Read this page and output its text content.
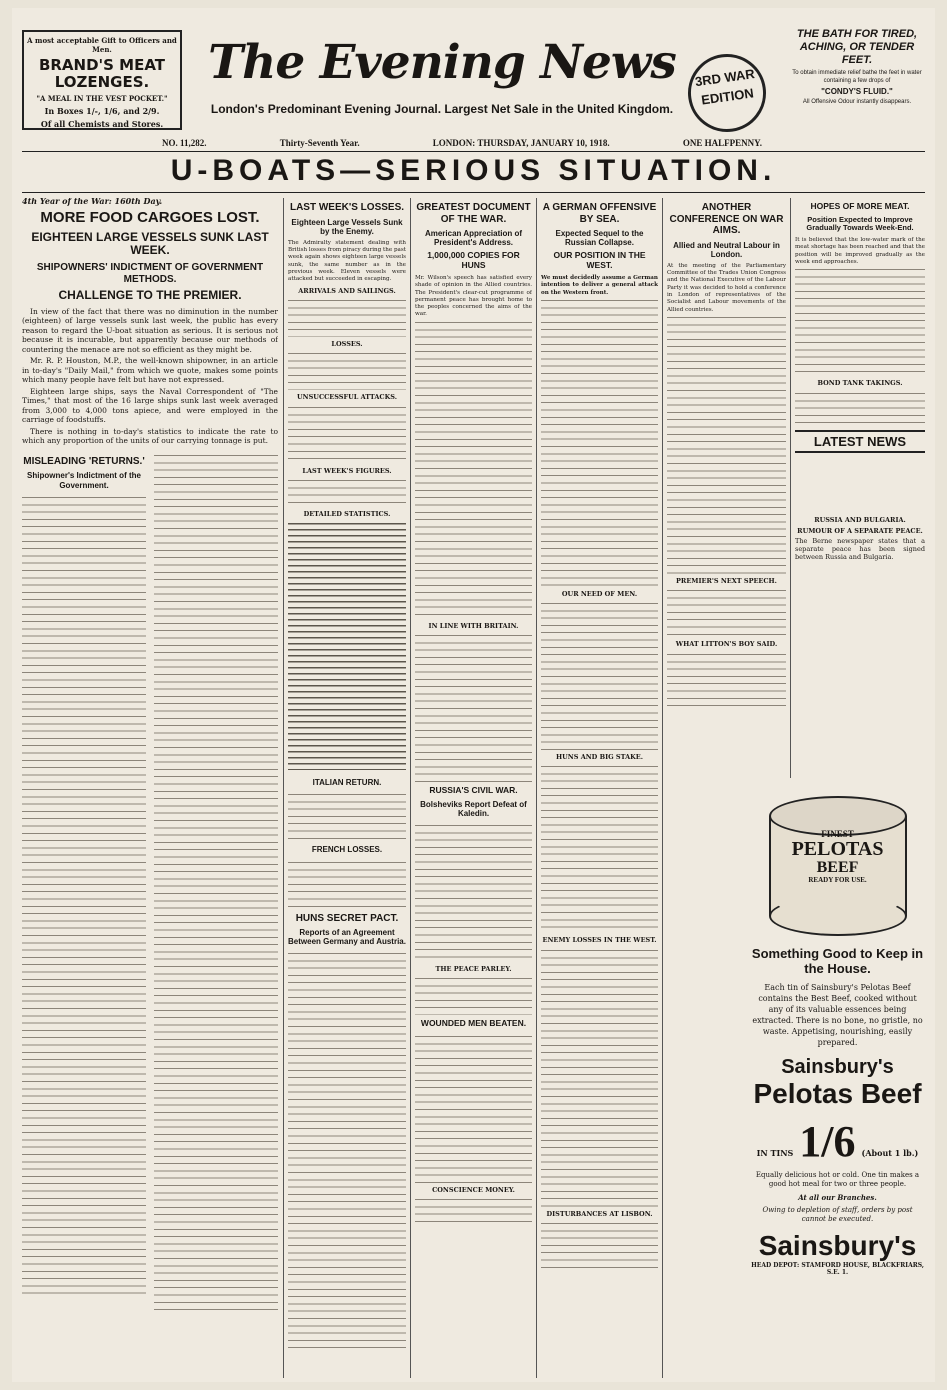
A most acceptable Gift to Officers and Men.
BRAND'S MEAT LOZENGES.
"A MEAL IN THE VEST POCKET."
In Boxes 1/-, 1/6, and 2/9.
Of all Chemists and Stores.
The Evening News
London's Predominant Evening Journal. Largest Net Sale in the United Kingdom.
3RD WAR EDITION
THE BATH FOR TIRED, ACHING, OR TENDER FEET.
To obtain immediate relief bathe the feet in water containing a few drops of
"CONDY'S FLUID."
All Offensive Odour instantly disappears.
NO. 11,282.	Thirty-Seventh Year.	LONDON: THURSDAY, JANUARY 10, 1918.	ONE HALFPENNY.
U-BOATS—SERIOUS SITUATION.
4th Year of the War: 160th Day.
MORE FOOD CARGOES LOST.
EIGHTEEN LARGE VESSELS SUNK LAST WEEK.
SHIPOWNERS' INDICTMENT OF GOVERNMENT METHODS.
CHALLENGE TO THE PREMIER.

In view of the fact that there was no diminution in the number (eighteen) of large vessels sunk last week, the public has every reason to regard the U-boat situation as serious. It is serious not because it is incurable, but apparently because our methods of countering the menace are not so efficient as they might be.

Mr. R. P. Houston, M.P., the well-known shipowner, in an article in to-day's "Daily Mail," from which we quote, makes some points which many people have felt but have not expressed.

Eighteen large ships, says the Naval Correspondent of "The Times," that most of the 16 large ships sunk last week averaged from 3,000 to 4,000 tons apiece, and were employed in the carriage of foodstuffs.

There is nothing in to-day's statistics to indicate the rate to which any proportion of the units of our carrying tonnage is put.

MISLEADING 'RETURNS.'
Shipowner's Indictment of the Government.
LAST WEEK'S LOSSES.
Eighteen Large Vessels Sunk by the Enemy.

The Admiralty statement dealing with British losses from piracy during the past week again shows eighteen large vessels sunk, the same number as in the previous week. Eleven vessels were attacked but succeeded in escaping.

ARRIVALS AND SAILINGS.
LOSSES.
UNSUCCESSFUL ATTACKS.
LAST WEEK'S FIGURES.
DETAILED STATISTICS.
ITALIAN RETURN.
FRENCH LOSSES.
HUNS SECRET PACT.
Reports of an Agreement Between Germany and Austria.
GREATEST DOCUMENT OF THE WAR.
American Appreciation of President's Address.
1,000,000 COPIES FOR HUNS

Mr. Wilson's speech has satisfied every shade of opinion in the Allied countries. The President's clear-cut programme of permanent peace has brought home to the peoples concerned the aims of the war.

IN LINE WITH BRITAIN.
RUSSIA'S CIVIL WAR.
Bolsheviks Report Defeat of Kaledin.
THE PEACE PARLEY.
WOUNDED MEN BEATEN.
CONSCIENCE MONEY.
A GERMAN OFFENSIVE BY SEA.
Expected Sequel to the Russian Collapse.
OUR POSITION IN THE WEST.

We must decidedly assume a German intention to deliver a general attack on the Western front.

OUR NEED OF MEN.
HUNS AND BIG STAKE.
ENEMY LOSSES IN THE WEST.
DISTURBANCES AT LISBON.
ANOTHER CONFERENCE ON WAR AIMS.
Allied and Neutral Labour in London.

At the meeting of the Parliamentary Committee of the Trades Union Congress and the National Executive of the Labour Party it was decided to hold a conference in London of representatives of the Socialist and Labour movements of the Allied countries.

PREMIER'S NEXT SPEECH.
WHAT LITTON'S BOY SAID.
HOPES OF MORE MEAT.
Position Expected to Improve Gradually Towards Week-End.

It is believed that the low-water mark of the meat shortage has been reached and that the position will be improved gradually as the week end approaches.

BOND TANK TAKINGS.
LATEST NEWS
RUSSIA AND BULGARIA.
RUMOUR OF A SEPARATE PEACE.

The Berne newspaper states that a separate peace has been signed between Russia and Bulgaria.

FINEST
PELOTAS
BEEF
READY FOR USE.
Something Good to Keep in the House.
Each tin of Sainsbury's Pelotas Beef contains the Best Beef, cooked without any of its valuable essences being extracted. There is no bone, no gristle, no waste. Appetising, nourishing, easily prepared.
Sainsbury's
Pelotas Beef
IN TINS 1/6 (About 1 lb.)
Equally delicious hot or cold. One tin makes a good hot meal for two or three people.
At all our Branches.
Owing to depletion of staff, orders by post cannot be executed.
Sainsbury's
HEAD DEPOT: STAMFORD HOUSE, BLACKFRIARS, S.E. 1.
